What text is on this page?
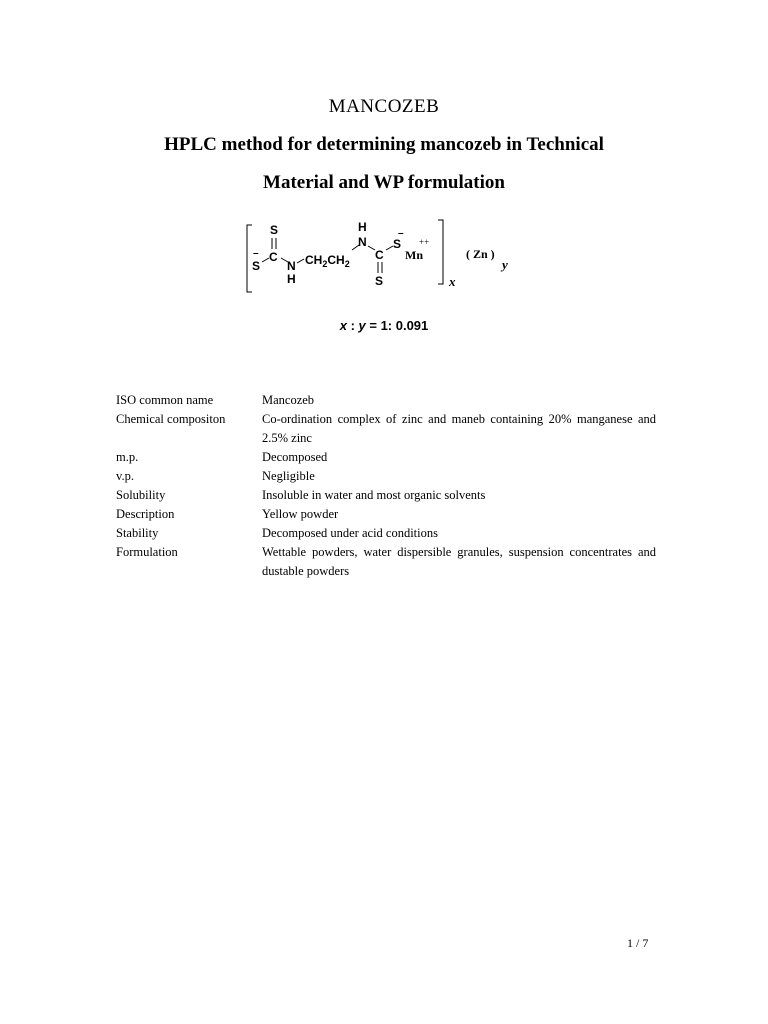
MANCOZEB
HPLC method for determining mancozeb in Technical
Material and WP formulation
S
C
–
S N
H
$CH_2CH_2$
H
N
C
S
–
S ++
Mn
x
( Zn )
y
x : y = 1: 0.091
ISO common name	Mancozeb
Chemical compositon	Co-ordination complex of zinc and maneb containing 20% manganese and 2.5% zinc
m.p.	Decomposed
v.p.	Negligible
Solubility	Insoluble in water and most organic solvents
Description	Yellow powder
Stability	Decomposed under acid conditions
Formulation	Wettable powders, water dispersible granules, suspension concentrates and dustable powders
1 / 7
